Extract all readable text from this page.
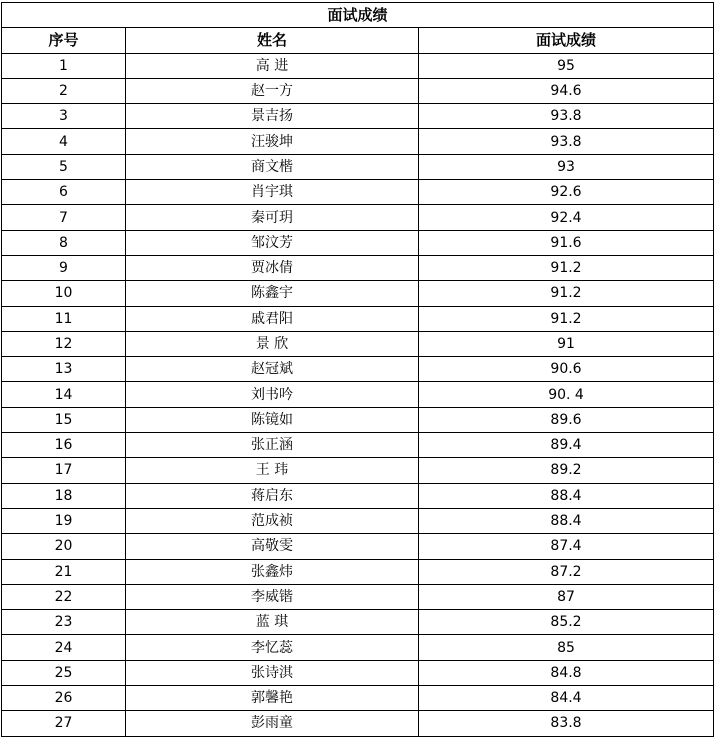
面试成绩		
序号	姓名	面试成绩
1	高 进	95
2	赵一方	94.6
3	景吉扬	93.8
4	汪骏坤	93.8
5	商文楷	93
6	肖宇琪	92.6
7	秦可玥	92.4
8	邹汶芳	91.6
9	贾冰倩	91.2
10	陈鑫宇	91.2
11	戚君阳	91.2
12	景 欣	91
13	赵冠斌	90.6
14	刘书吟	90. 4
15	陈镜如	89.6
16	张正涵	89.4
17	王 玮	89.2
18	蒋启东	88.4
19	范成祯	88.4
20	高敬雯	87.4
21	张鑫炜	87.2
22	李威锴	87
23	蓝 琪	85.2
24	李忆蕊	85
25	张诗淇	84.8
26	郭馨艳	84.4
27	彭雨童	83.8
